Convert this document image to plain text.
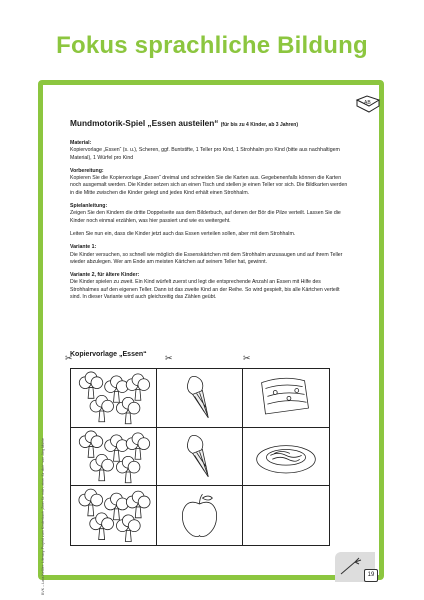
Fokus sprachliche Bildung
BVK – Lara Keßler: Literacy-Projekt zum Kinderbuch „Zwei für mich, einer für dich“ von Jörg Mühle
Mundmotorik-Spiel „Essen austeilen“ (für bis zu 4 Kinder, ab 3 Jahren)
Material:
Kopiervorlage „Essen“ (s. u.), Scheren, ggf. Buntstifte, 1 Teller pro Kind, 1 Strohhalm pro Kind (bitte aus nachhaltigem Material), 1 Würfel pro Kind
Vorbereitung:
Kopieren Sie die Kopiervorlage „Essen“ dreimal und schneiden Sie die Karten aus. Gegebenenfalls können die Karten noch ausgemalt werden. Die Kinder setzen sich an einen Tisch und stellen je einen Teller vor sich. Die Bildkarten werden in die Mitte zwischen die Kinder gelegt und jedes Kind erhält einen Strohhalm.
Spielanleitung:
Zeigen Sie den Kindern die dritte Doppelseite aus dem Bilderbuch, auf denen der Bör die Pilze verteilt. Lassen Sie die Kinder noch einmal erzählen, was hier passiert und wie es weitergeht.
Leiten Sie nun ein, dass die Kinder jetzt auch das Essen verteilen sollen, aber mit dem Strohhalm.
Variante 1:
Die Kinder versuchen, so schnell wie möglich die Essenskärtchen mit dem Strohhalm anzusaugen und auf ihrem Teller wieder abzulegen. Wer am Ende am meisten Kärtchen auf seinem Teller hat, gewinnt.
Variante 2, für ältere Kinder:
Die Kinder spielen zu zweit. Ein Kind würfelt zuerst und legt die entsprechende Anzahl an Essen mit Hilfe des Strohhalmes auf den eigenen Teller. Dann ist das zweite Kind an der Reihe. So wird gespielt, bis alle Kärtchen verteilt sind. In dieser Variante wird auch gleichzeitig das Zählen geübt.
Kopiervorlage „Essen“
✂	✂	✂
19
AB
